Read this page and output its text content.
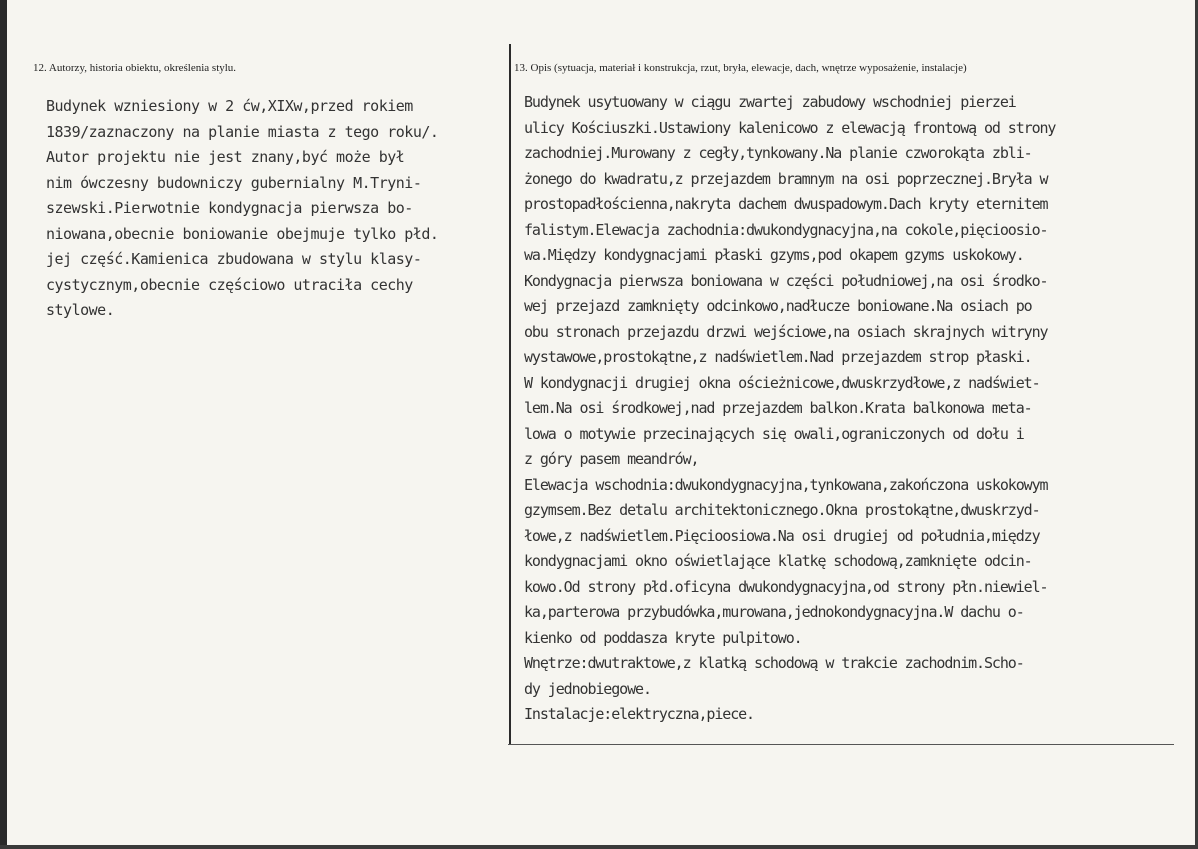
12. Autorzy, historia obiektu, określenia stylu.	13. Opis (sytuacja, materiał i konstrukcja, rzut, bryła, elewacje, dach, wnętrze wyposażenie, instalacje)
Budynek wzniesiony w 2 ćw,XIXw,przed rokiem
1839/zaznaczony na planie miasta z tego roku/.
Autor projektu nie jest znany,być może był
nim ówczesny budowniczy gubernialny M.Tryni-
szewski.Pierwotnie kondygnacja pierwsza bo-
niowana,obecnie boniowanie obejmuje tylko płd.
jej część.Kamienica zbudowana w stylu klasy-
cystycznym,obecnie częściowo utraciła cechy
stylowe.
Budynek usytuowany w ciągu zwartej zabudowy wschodniej pierzei
ulicy Kościuszki.Ustawiony kalenicowo z elewacją frontową od strony
zachodniej.Murowany z cegły,tynkowany.Na planie czworokąta zbli-
żonego do kwadratu,z przejazdem bramnym na osi poprzecznej.Bryła w
prostopadłościenna,nakryta dachem dwuspadowym.Dach kryty eternitem
falistym.Elewacja zachodnia:dwukondygnacyjna,na cokole,pięcioosio-
wa.Między kondygnacjami płaski gzyms,pod okapem gzyms uskokowy.
Kondygnacja pierwsza boniowana w części południowej,na osi środko-
wej przejazd zamknięty odcinkowo,nadłucze boniowane.Na osiach po
obu stronach przejazdu drzwi wejściowe,na osiach skrajnych witryny
wystawowe,prostokątne,z nadświetlem.Nad przejazdem strop płaski.
W kondygnacji drugiej okna ościeżnicowe,dwuskrzydłowe,z nadświet-
lem.Na osi środkowej,nad przejazdem balkon.Krata balkonowa meta-
lowa o motywie przecinających się owali,ograniczonych od dołu i
z góry pasem meandrów,
Elewacja wschodnia:dwukondygnacyjna,tynkowana,zakończona uskokowym
gzymsem.Bez detalu architektonicznego.Okna prostokątne,dwuskrzyd-
łowe,z nadświetlem.Pięcioosiowa.Na osi drugiej od południa,między
kondygnacjami okno oświetlające klatkę schodową,zamknięte odcin-
kowo.Od strony płd.oficyna dwukondygnacyjna,od strony płn.niewiel-
ka,parterowa przybudówka,murowana,jednokondygnacyjna.W dachu o-
kienko od poddasza kryte pulpitowo.
Wnętrze:dwutraktowe,z klatką schodową w trakcie zachodnim.Scho-
dy jednobiegowe.
Instalacje:elektryczna,piece.
